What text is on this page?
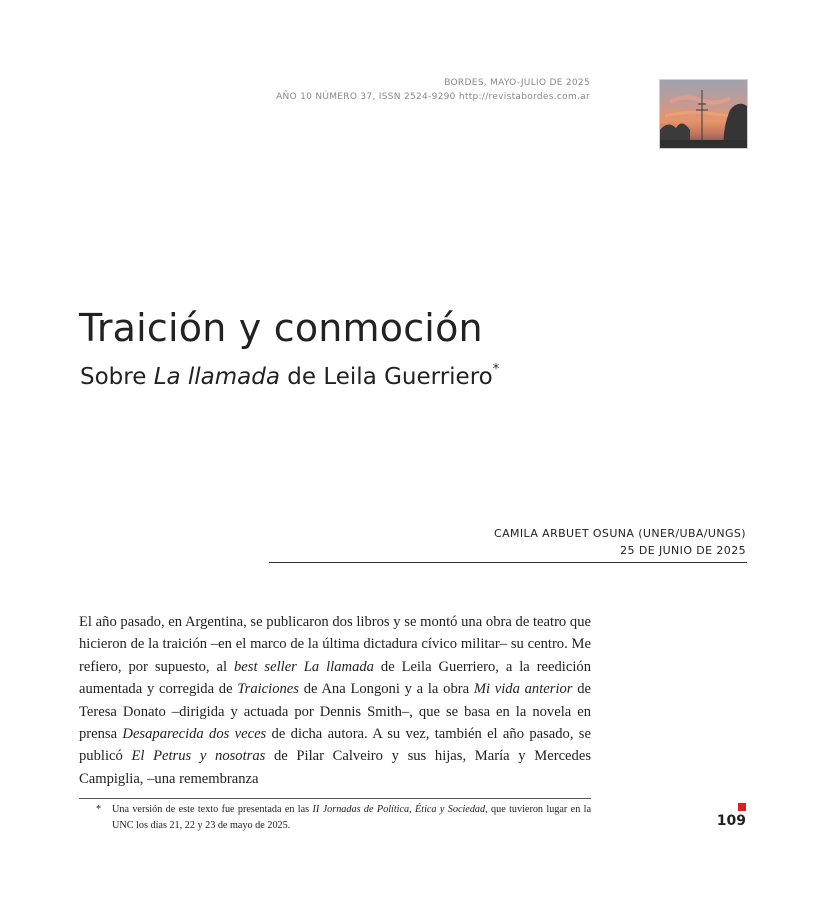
BORDES, MAYO-JULIO DE 2025
AÑO 10 NÚMERO 37, ISSN 2524-9290 http://revistabordes.com.ar
Traición y conmoción
Sobre La llamada de Leila Guerriero*
CAMILA ARBUET OSUNA (UNER/UBA/UNGS)
25 DE JUNIO DE 2025
El año pasado, en Argentina, se publicaron dos libros y se montó una obra de teatro que hicieron de la traición –en el marco de la última dictadura cívico militar– su centro. Me refiero, por supuesto, al best seller La llamada de Leila Guerriero, a la reedición aumentada y corregida de Traiciones de Ana Longoni y a la obra Mi vida anterior de Teresa Donato –dirigida y actuada por Dennis Smith–, que se basa en la novela en prensa Desaparecida dos veces de dicha autora. A su vez, también el año pasado, se publicó El Petrus y nosotras de Pilar Calveiro y sus hijas, María y Mercedes Campiglia, –una remembranza
* Una versión de este texto fue presentada en las II Jornadas de Política, Ética y Sociedad, que tuvieron lugar en la UNC los días 21, 22 y 23 de mayo de 2025.	109
